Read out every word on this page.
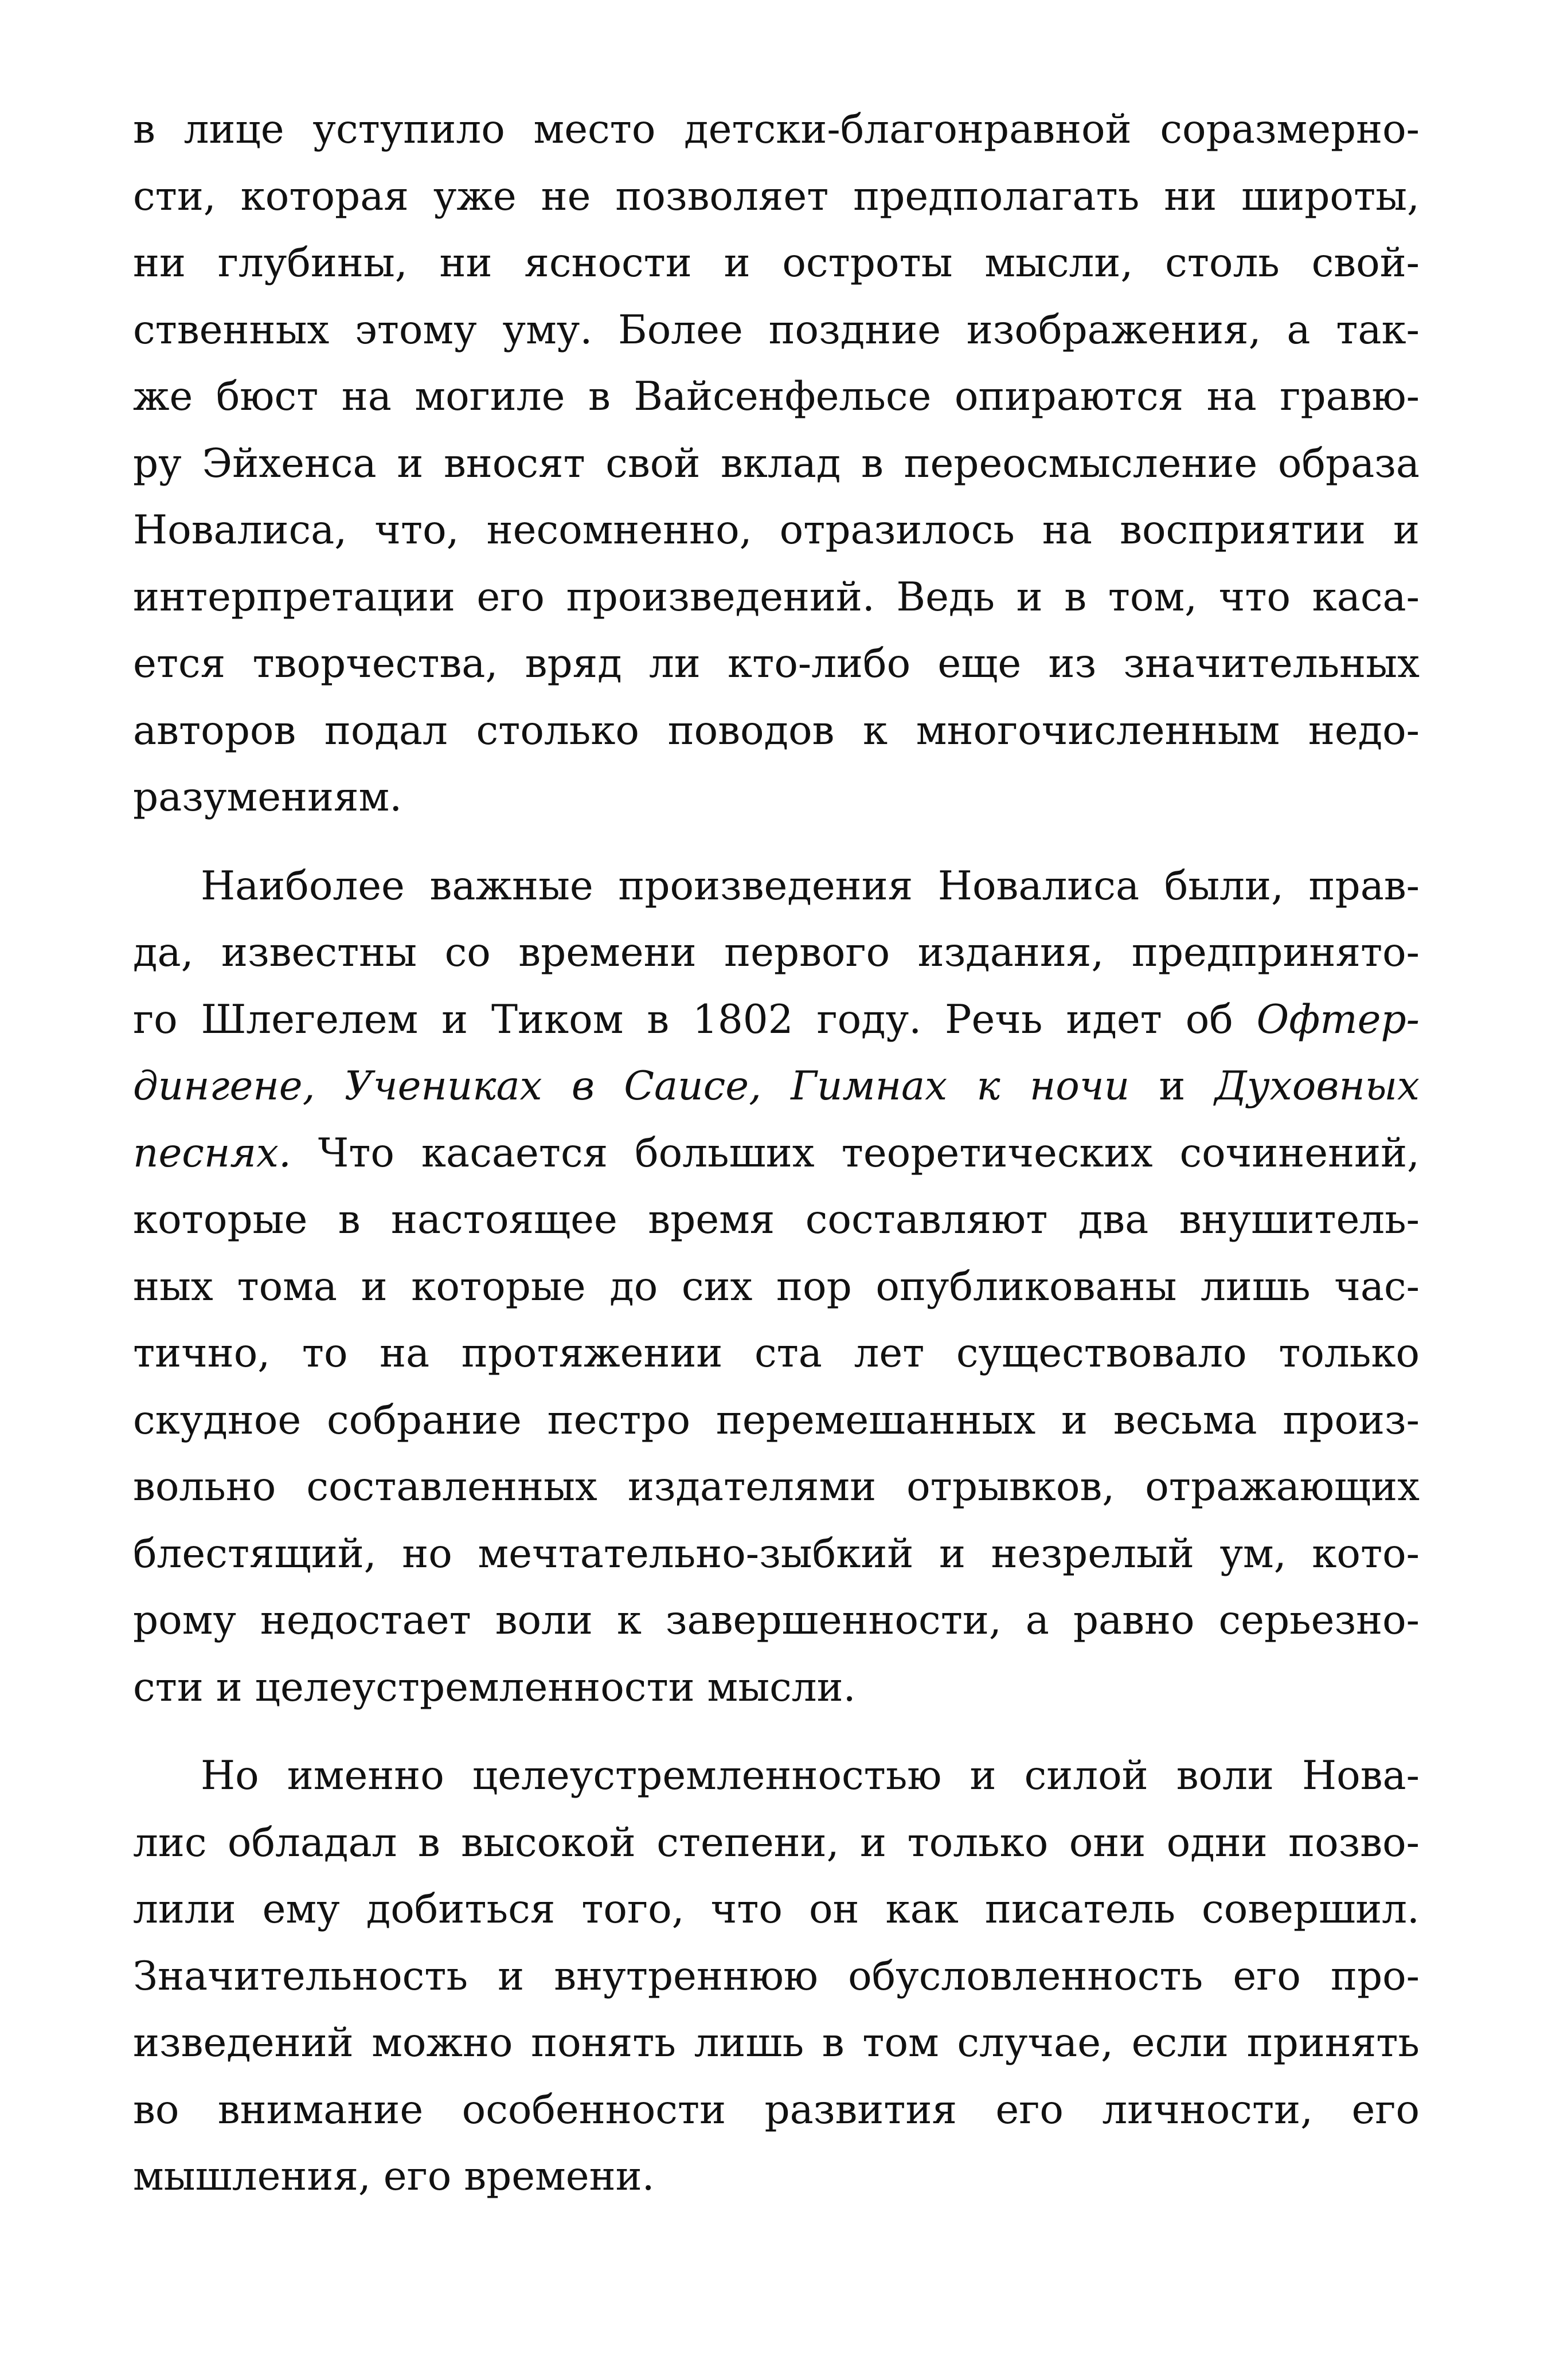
в лице уступило место детски-благонравной соразмерно-
сти, которая уже не позволяет предполагать ни широты,
ни глубины, ни ясности и остроты мысли, столь свой-
ственных этому уму. Более поздние изображения, а так-
же бюст на могиле в Вайсенфельсе опираются на гравю-
ру Эйхенса и вносят свой вклад в переосмысление образа
Новалиса, что, несомненно, отразилось на восприятии и
интерпретации его произведений. Ведь и в том, что каса-
ется творчества, вряд ли кто-либо еще из значительных
авторов подал столько поводов к многочисленным недо-
разумениям.
Наиболее важные произведения Новалиса были, прав-
да, известны со времени первого издания, предпринято-
го Шлегелем и Тиком в 1802 году. Речь идет об Офтер-
дингене, Учениках в Саисе, Гимнах к ночи и Духовных
песнях. Что касается больших теоретических сочинений,
которые в настоящее время составляют два внушитель-
ных тома и которые до сих пор опубликованы лишь час-
тично, то на протяжении ста лет существовало только
скудное собрание пестро перемешанных и весьма произ-
вольно составленных издателями отрывков, отражающих
блестящий, но мечтательно-зыбкий и незрелый ум, кото-
рому недостает воли к завершенности, а равно серьезно-
сти и целеустремленности мысли.
Но именно целеустремленностью и силой воли Нова-
лис обладал в высокой степени, и только они одни позво-
лили ему добиться того, что он как писатель совершил.
Значительность и внутреннюю обусловленность его про-
изведений можно понять лишь в том случае, если принять
во внимание особенности развития его личности, его
мышления, его времени.
